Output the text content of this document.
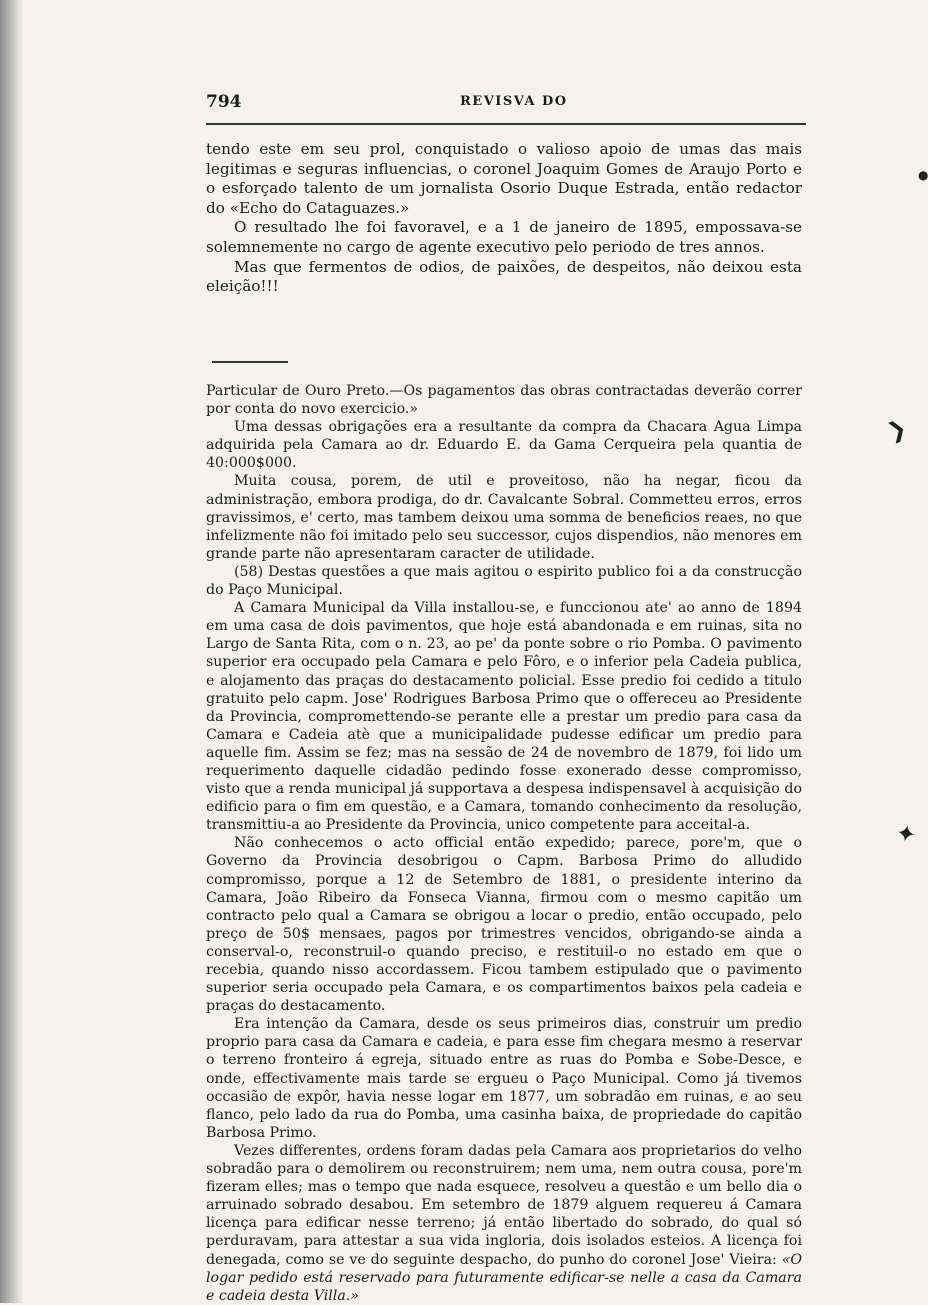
❯
✦
●
794	REVISVA DO

tendo este em seu prol, conquistado o valioso apoio de umas das mais legitimas e seguras influencias, o coronel Joaquim Gomes de Araujo Porto e o esforçado talento de um jornalista Osorio Duque Estrada, então redactor do «Echo do Cataguazes.»

O resultado lhe foi favoravel, e a 1 de janeiro de 1895, empossava-se solemnemente no cargo de agente executivo pelo periodo de tres annos.

Mas que fermentos de odios, de paixões, de despeitos, não deixou esta eleição!!!

Particular de Ouro Preto.—Os pagamentos das obras contractadas deverão correr por conta do novo exercicio.»

Uma dessas obrigações era a resultante da compra da Chacara Agua Limpa adquirida pela Camara ao dr. Eduardo E. da Gama Cerqueira pela quantia de 40:000$000.

Muita cousa, porem, de util e proveitoso, não ha negar, ficou da administração, embora prodiga, do dr. Cavalcante Sobral. Commetteu erros, erros gravissimos, e' certo, mas tambem deixou uma somma de beneficios reaes, no que infelizmente não foi imitado pelo seu successor, cujos dispendios, não menores em grande parte não apresentaram caracter de utilidade.

(58) Destas questões a que mais agitou o espirito publico foi a da construcção do Paço Municipal.

A Camara Municipal da Villa installou-se, e funccionou ate' ao anno de 1894 em uma casa de dois pavimentos, que hoje está abandonada e em ruinas, sita no Largo de Santa Rita, com o n. 23, ao pe' da ponte sobre o rio Pomba. O pavimento superior era occupado pela Camara e pelo Fôro, e o inferior pela Cadeia publica, e alojamento das praças do destacamento policial. Esse predio foi cedido a titulo gratuito pelo capm. Jose' Rodrigues Barbosa Primo que o offereceu ao Presidente da Provincia, compromettendo-se perante elle a prestar um predio para casa da Camara e Cadeia atè que a municipalidade pudesse edificar um predio para aquelle fim. Assim se fez; mas na sessão de 24 de novembro de 1879, foi lido um requerimento daquelle cidadão pedindo fosse exonerado desse compromisso, visto que a renda municipal já supportava a despesa indispensavel à acquisição do edificio para o fim em questão, e a Camara, tomando conhecimento da resolução, transmittiu-a ao Presidente da Provincia, unico competente para acceital-a.

Não conhecemos o acto official então expedido; parece, pore'm, que o Governo da Provincia desobrigou o Capm. Barbosa Primo do alludido compromisso, porque a 12 de Setembro de 1881, o presidente interino da Camara, João Ribeiro da Fonseca Vianna, firmou com o mesmo capitão um contracto pelo qual a Camara se obrigou a locar o predio, então occupado, pelo preço de 50$ mensaes, pagos por trimestres vencidos, obrigando-se ainda a conserval-o, reconstruil-o quando preciso, e restituil-o no estado em que o recebia, quando nisso accordassem. Ficou tambem estipulado que o pavimento superior seria occupado pela Camara, e os compartimentos baixos pela cadeia e praças do destacamento.

Era intenção da Camara, desde os seus primeiros dias, construir um predio proprio para casa da Camara e cadeia, e para esse fim chegara mesmo a reservar o terreno fronteiro á egreja, situado entre as ruas do Pomba e Sobe-Desce, e onde, effectivamente mais tarde se ergueu o Paço Municipal. Como já tivemos occasião de expôr, havia nesse logar em 1877, um sobradão em ruinas, e ao seu flanco, pelo lado da rua do Pomba, uma casinha baixa, de propriedade do capitão Barbosa Primo.

Vezes differentes, ordens foram dadas pela Camara aos proprietarios do velho sobradão para o demolirem ou reconstruirem; nem uma, nem outra cousa, pore'm fizeram elles; mas o tempo que nada esquece, resolveu a questão e um bello dia o arruinado sobrado desabou. Em setembro de 1879 alguem requereu á Camara licença para edificar nesse terreno; já então libertado do sobrado, do qual só perduravam, para attestar a sua vida ingloria, dois isolados esteios. A licença foi denegada, como se ve do seguinte despacho, do punho do coronel Jose' Vieira: «O logar pedido está reservado para futuramente edificar-se nelle a casa da Camara e cadeia desta Villa.»
